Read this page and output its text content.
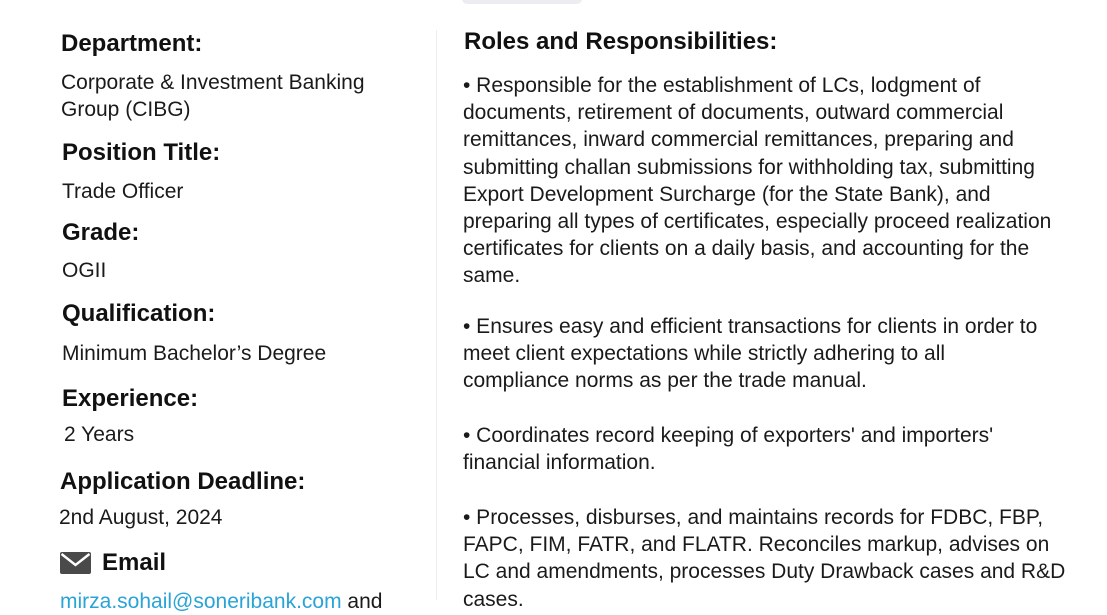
Department:
Corporate & Investment Banking Group (CIBG)
Position Title:
Trade Officer
Grade:
OGII
Qualification:
Minimum Bachelor’s Degree
Experience:
2 Years
Application Deadline:
2nd August, 2024
Email
mirza.sohail@soneribank.com and
Roles and Responsibilities:
• Responsible for the establishment of LCs, lodgment of documents, retirement of documents, outward commercial remittances, inward commercial remittances, preparing and submitting challan submissions for withholding tax, submitting Export Development Surcharge (for the State Bank), and preparing all types of certificates, especially proceed realization certificates for clients on a daily basis, and accounting for the same.
• Ensures easy and efficient transactions for clients in order to meet client expectations while strictly adhering to all compliance norms as per the trade manual.
• Coordinates record keeping of exporters' and importers' financial information.
• Processes, disburses, and maintains records for FDBC, FBP, FAPC, FIM, FATR, and FLATR. Reconciles markup, advises on LC and amendments, processes Duty Drawback cases and R&D cases.
